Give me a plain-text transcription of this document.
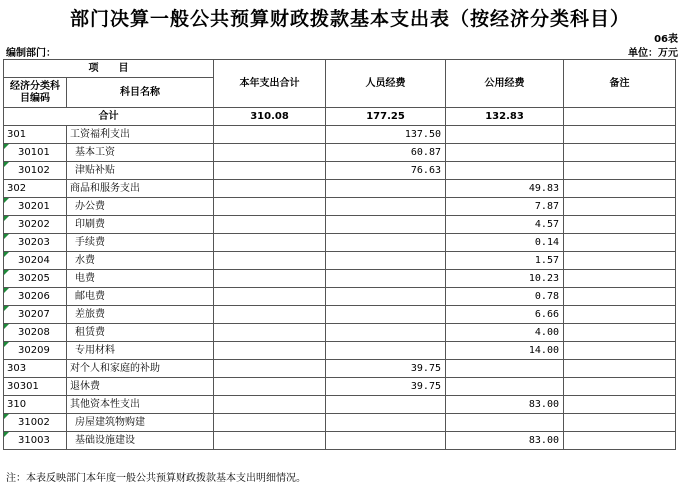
部门决算一般公共预算财政拨款基本支出表（按经济分类科目）
06表
编制部门：	单位：万元
项　　目		本年支出合计	人员经费	公用经费	备注
经济分类科目编码	科目名称				
合计		310.08	177.25	132.83	
301	工资福利支出		137.50		
30101	基本工资		60.87		
30102	津贴补贴		76.63		
302	商品和服务支出			49.83	
30201	办公费			7.87	
30202	印刷费			4.57	
30203	手续费			0.14	
30204	水费			1.57	
30205	电费			10.23	
30206	邮电费			0.78	
30207	差旅费			6.66	
30208	租赁费			4.00	
30209	专用材料			14.00	
303	对个人和家庭的补助		39.75		
30301	退休费		39.75		
310	其他资本性支出			83.00	
31002	房屋建筑物购建				
31003	基础设施建设			83.00	
注：本表反映部门本年度一般公共预算财政拨款基本支出明细情况。
